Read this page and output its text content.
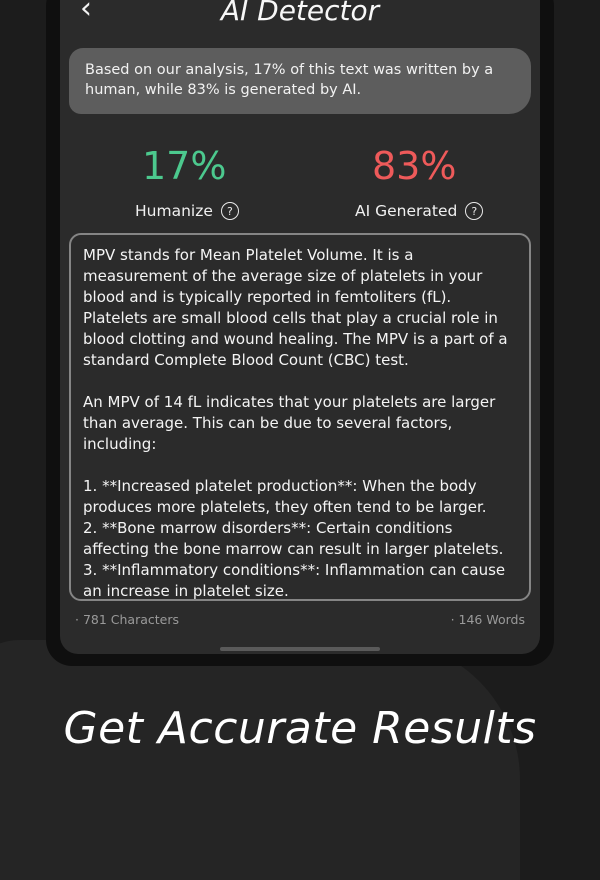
‹	AI Detector
Based on our analysis, 17% of this text was written by a human, while 83% is generated by AI.
17%	83%
Humanize	?	AI Generated	?
MPV stands for Mean Platelet Volume. It is a measurement of the average size of platelets in your blood and is typically reported in femtoliters (fL). Platelets are small blood cells that play a crucial role in blood clotting and wound healing. The MPV is a part of a standard Complete Blood Count (CBC) test.

An MPV of 14 fL indicates that your platelets are larger than average. This can be due to several factors, including:

1. **Increased platelet production**: When the body produces more platelets, they often tend to be larger.
2. **Bone marrow disorders**: Certain conditions affecting the bone marrow can result in larger platelets.
3. **Inflammatory conditions**: Inflammation can cause an increase in platelet size.
· 781 Characters	· 146 Words
Get Accurate Results
